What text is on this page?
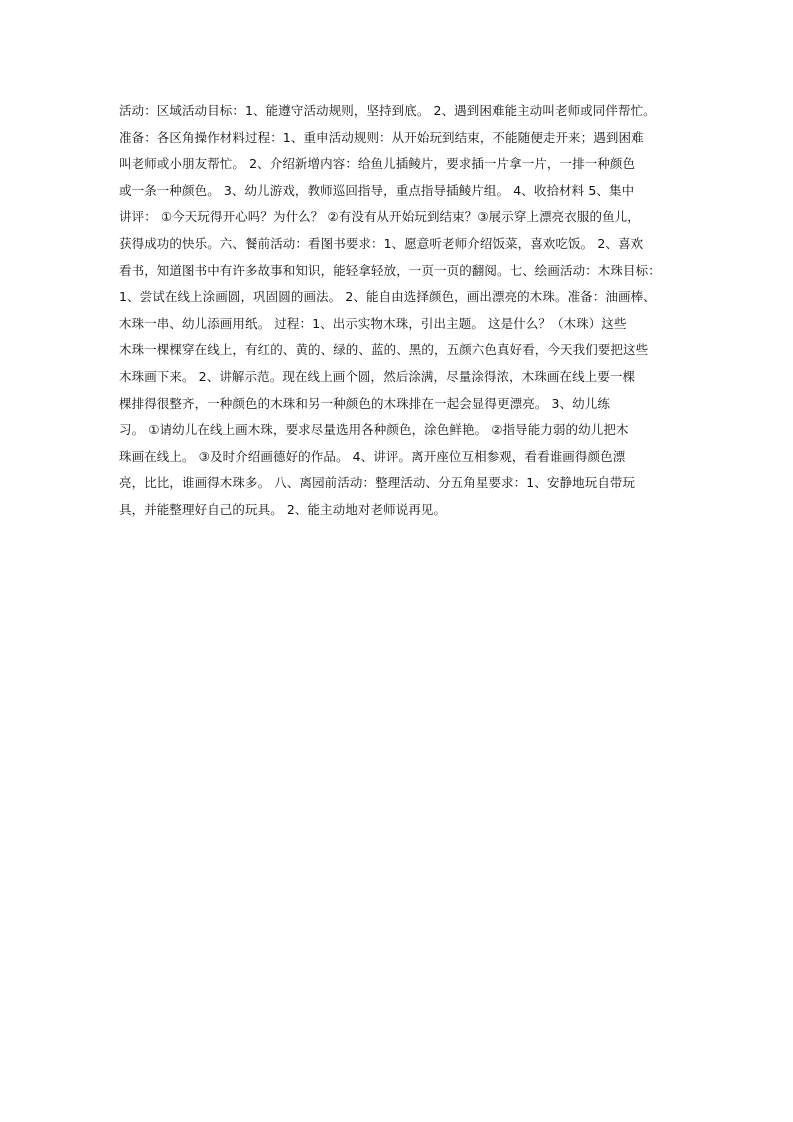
活动：区域活动目标：1、能遵守活动规则，坚持到底。 2、遇到困难能主动叫老师或同伴帮忙。
准备：各区角操作材料过程：1、重申活动规则：从开始玩到结束，不能随便走开来；遇到困难
叫老师或小朋友帮忙。 2、介绍新增内容：给鱼儿插鲮片，要求插一片拿一片，一排一种颜色
或一条一种颜色。 3、幼儿游戏，教师巡回指导，重点指导插鲮片组。 4、收拾材料 5、集中
讲评： ①今天玩得开心吗？为什么？ ②有没有从开始玩到结束？③展示穿上漂亮衣服的鱼儿，
获得成功的快乐。六、餐前活动：看图书要求：1、愿意听老师介绍饭菜，喜欢吃饭。 2、喜欢
看书，知道图书中有许多故事和知识，能轻拿轻放，一页一页的翻阅。七、绘画活动：木珠目标：
1、尝试在线上涂画圆，巩固圆的画法。 2、能自由选择颜色，画出漂亮的木珠。准备：油画棒、
木珠一串、幼儿添画用纸。 过程：1、出示实物木珠，引出主题。 这是什么？（木珠）这些
木珠一棵棵穿在线上，有红的、黄的、绿的、蓝的、黑的，五颜六色真好看，今天我们要把这些
木珠画下来。 2、讲解示范。现在线上画个圆，然后涂满，尽量涂得浓，木珠画在线上要一棵
棵排得很整齐，一种颜色的木珠和另一种颜色的木珠排在一起会显得更漂亮。 3、幼儿练
习。 ①请幼儿在线上画木珠，要求尽量选用各种颜色，涂色鲜艳。 ②指导能力弱的幼儿把木
珠画在线上。 ③及时介绍画德好的作品。 4、讲评。离开座位互相参观，看看谁画得颜色漂
亮，比比，谁画得木珠多。 八、离园前活动：整理活动、分五角星要求：1、安静地玩自带玩
具，并能整理好自己的玩具。 2、能主动地对老师说再见。
